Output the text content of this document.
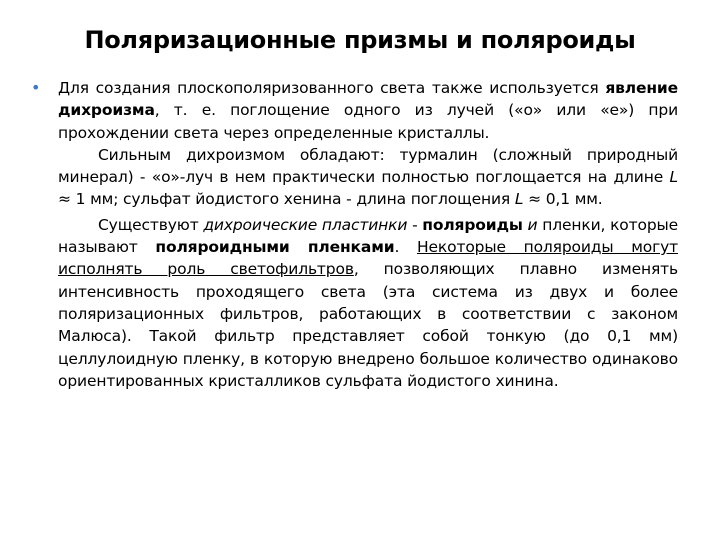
Поляризационные призмы и поляроиды
• Для создания плоскополяризованного света также используется явление дихроизма, т. е. поглощение одного из лучей («о» или «е») при прохождении света через определенные кристаллы.

Сильным дихроизмом обладают: турмалин (сложный природный минерал) - «о»-луч в нем практически полностью поглощается на длине L ≈ 1 мм; сульфат йодистого хенина - длина поглощения L ≈ 0,1 мм.

Существуют дихроические пластинки - поляроиды и пленки, которые называют поляроидными пленками. Некоторые поляроиды могут исполнять роль светофильтров, позволяющих плавно изменять интенсивность проходящего света (эта система из двух и более поляризационных фильтров, работающих в соответствии с законом Малюса). Такой фильтр представляет собой тонкую (до 0,1 мм) целлулоидную пленку, в которую внедрено большое количество одинаково ориентированных кристалликов сульфата йодистого хинина.
